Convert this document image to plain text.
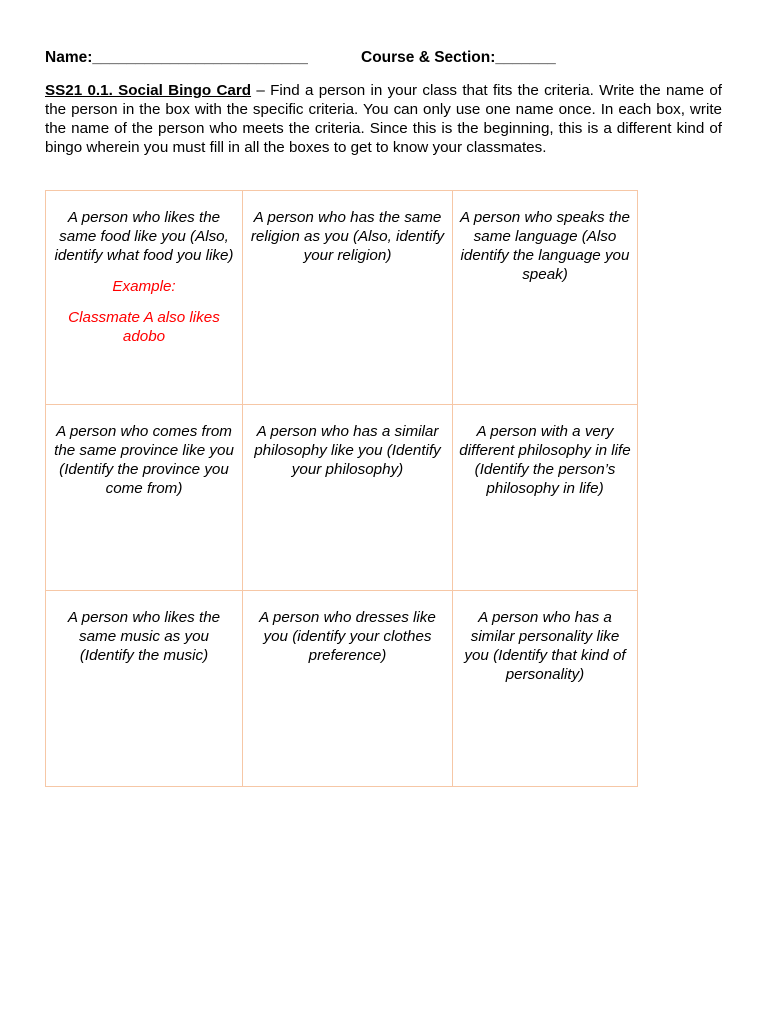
Name:_________________________	Course & Section:_______
SS21 0.1. Social Bingo Card – Find a person in your class that fits the criteria. Write the name of the person in the box with the specific criteria. You can only use one name once. In each box, write the name of the person who meets the criteria. Since this is the beginning, this is a different kind of bingo wherein you must fill in all the boxes to get to know your classmates.
A person who likes the same food like you (Also, identify what food you like)
Example:
Classmate A also likes adobo	A person who has the same religion as you (Also, identify your religion)	A person who speaks the same language (Also identify the language you speak)

A person who comes from the same province like you (Identify the province you come from)	A person who has a similar philosophy like you (Identify your philosophy)	A person with a very different philosophy in life (Identify the person’s philosophy in life)

A person who likes the same music as you (Identify the music)	A person who dresses like you (identify your clothes preference)	A person who has a similar personality like you (Identify that kind of personality)
